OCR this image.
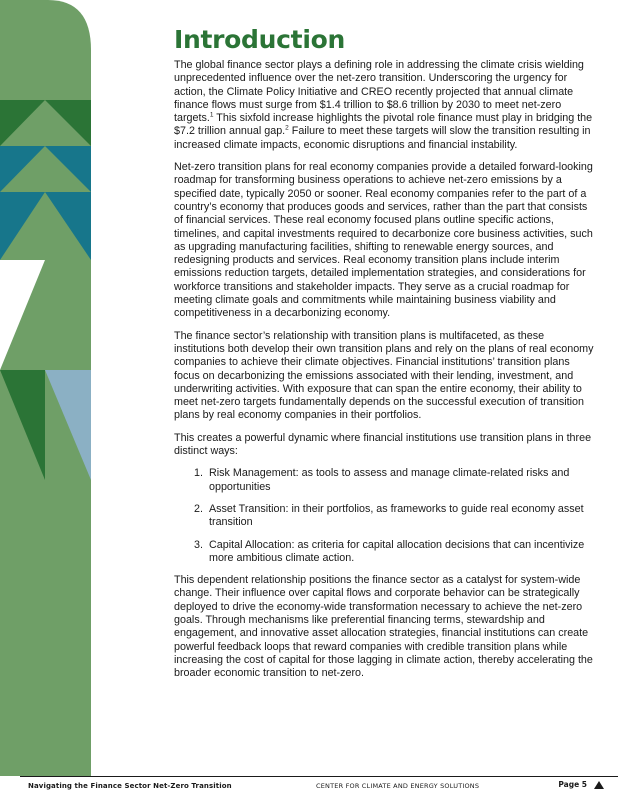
Introduction

The global finance sector plays a defining role in addressing the climate crisis wielding unprecedented influence over the net-zero transition. Underscoring the urgency for action, the Climate Policy Initiative and CREO recently projected that annual climate finance flows must surge from $1.4 trillion to $8.6 trillion by 2030 to meet net-zero targets.$^1$ This sixfold increase highlights the pivotal role finance must play in bridging the $7.2 trillion annual gap.$^2$ Failure to meet these targets will slow the transition resulting in increased climate impacts, economic disruptions and financial instability.

Net-zero transition plans for real economy companies provide a detailed forward-looking roadmap for transforming business operations to achieve net-zero emissions by a specified date, typically 2050 or sooner. Real economy companies refer to the part of a country’s economy that produces goods and services, rather than the part that consists of financial services. These real economy focused plans outline specific actions, timelines, and capital investments required to decarbonize core business activities, such as upgrading manufacturing facilities, shifting to renewable energy sources, and redesigning products and services. Real economy transition plans include interim emissions reduction targets, detailed implementation strategies, and considerations for workforce transitions and stakeholder impacts. They serve as a crucial roadmap for meeting climate goals and commitments while maintaining business viability and competitiveness in a decarbonizing economy.

The finance sector’s relationship with transition plans is multifaceted, as these institutions both develop their own transition plans and rely on the plans of real economy companies to achieve their climate objectives. Financial institutions’ transition plans focus on decarbonizing the emissions associated with their lending, investment, and underwriting activities. With exposure that can span the entire economy, their ability to meet net-zero targets fundamentally depends on the successful execution of transition plans by real economy companies in their portfolios.

This creates a powerful dynamic where financial institutions use transition plans in three distinct ways:

1. Risk Management: as tools to assess and manage climate-related risks and opportunities
2. Asset Transition: in their portfolios, as frameworks to guide real economy asset transition
3. Capital Allocation: as criteria for capital allocation decisions that can incentivize more ambitious climate action.

This dependent relationship positions the finance sector as a catalyst for system-wide change. Their influence over capital flows and corporate behavior can be strategically deployed to drive the economy-wide transformation necessary to achieve the net-zero goals. Through mechanisms like preferential financing terms, stewardship and engagement, and innovative asset allocation strategies, financial institutions can create powerful feedback loops that reward companies with credible transition plans while increasing the cost of capital for those lagging in climate action, thereby accelerating the broader economic transition to net-zero.

Navigating the Finance Sector Net-Zero Transition	CENTER FOR CLIMATE AND ENERGY SOLUTIONS	Page 5
